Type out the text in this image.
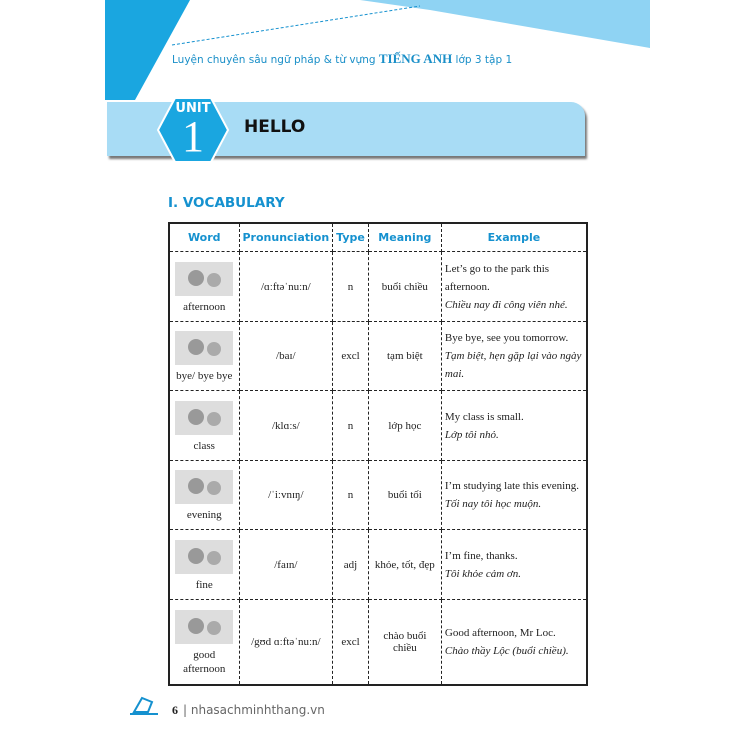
Luyện chuyên sâu ngữ pháp & từ vựng TIẾNG ANH lớp 3 tập 1
UNIT
1	HELLO
I. VOCABULARY
Word	Pronunciation	Type	Meaning	Example

afternoon	/ɑːftəˈnuːn/	n	buổi chiều	Let’s go to the park this afternoon.
Chiều nay đi công viên nhé.

bye/ bye bye	/baɪ/	excl	tạm biệt	Bye bye, see you tomorrow.
Tạm biệt, hẹn gặp lại vào ngày mai.

class	/klɑːs/	n	lớp học	My class is small.
Lớp tôi nhỏ.

evening	/ˈiːvnɪŋ/	n	buổi tối	I’m studying late this evening.
Tối nay tôi học muộn.

fine	/faɪn/	adj	khỏe, tốt, đẹp	I’m fine, thanks.
Tôi khỏe cảm ơn.

good afternoon	/gʊd ɑːftəˈnuːn/	excl	chào buổi chiều	Good afternoon, Mr Loc.
Chào thầy Lộc (buổi chiều).
6 | nhasachminhthang.vn
